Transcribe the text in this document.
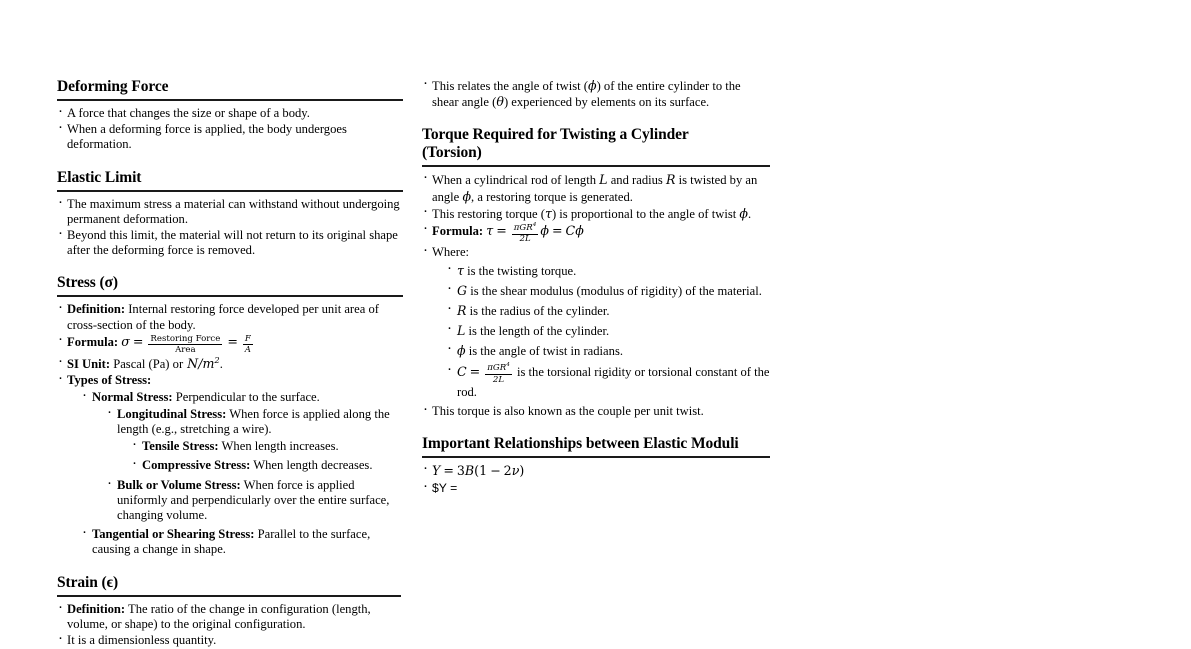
Deforming Force
· A force that changes the size or shape of a body.
· When a deforming force is applied, the body undergoes deformation.
Elastic Limit
· The maximum stress a material can withstand without undergoing permanent deformation.
· Beyond this limit, the material will not return to its original shape after the deforming force is removed.
Stress (σ)
· Definition: Internal restoring force developed per unit area of cross-section of the body.
· Formula: $\sigma = \frac{\text{Restoring Force}}{\text{Area}} = \frac{F}{A}$
· SI Unit: Pascal (Pa) or $N/m^2$.
· Types of Stress:
· Normal Stress: Perpendicular to the surface.
· Longitudinal Stress: When force is applied along the length (e.g., stretching a wire).
· Tensile Stress: When length increases.
· Compressive Stress: When length decreases.
· Bulk or Volume Stress: When force is applied uniformly and perpendicularly over the entire surface, changing volume.
· Tangential or Shearing Stress: Parallel to the surface, causing a change in shape.
Strain (ϵ)
· Definition: The ratio of the change in configuration (length, volume, or shape) to the original configuration.
· It is a dimensionless quantity.
· This relates the angle of twist (ϕ) of the entire cylinder to the shear angle (θ) experienced by elements on its surface.
Torque Required for Twisting a Cylinder
(Torsion)
· When a cylindrical rod of length L and radius R is twisted by an angle ϕ, a restoring torque is generated.
· This restoring torque (τ) is proportional to the angle of twist ϕ.
· Formula: $\tau = \frac{\pi GR^4}{2L}$ ϕ = Cϕ
· Where:
· τ is the twisting torque.
· G is the shear modulus (modulus of rigidity) of the material.
· R is the radius of the cylinder.
· L is the length of the cylinder.
· ϕ is the angle of twist in radians.
· $C = \frac{\pi GR^4}{2L}$ is the torsional rigidity or torsional constant of the rod.
· This torque is also known as the couple per unit twist.
Important Relationships between Elastic Moduli
· Y = 3B(1 − 2ν)
· $Y =
